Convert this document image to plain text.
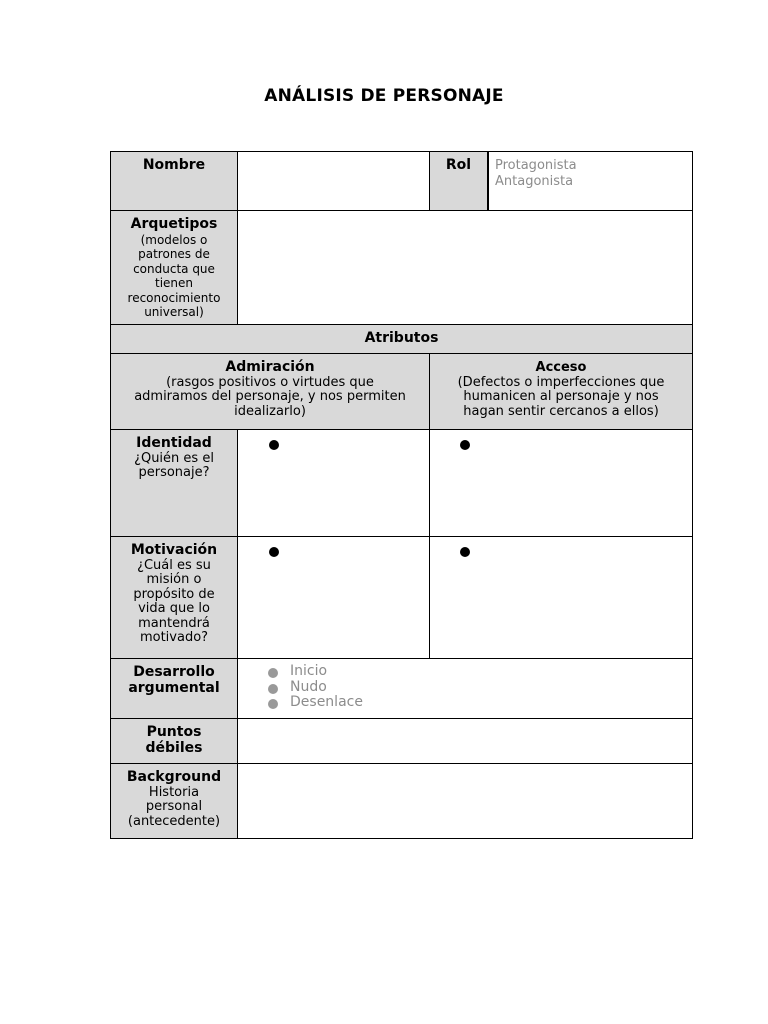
ANÁLISIS DE PERSONAJE
Nombre	Rol	Protagonista
Antagonista
Arquetipos
(modelos o
patrones de
conducta que
tienen
reconocimiento
universal)
Atributos
Admiración
(rasgos positivos o virtudes que
admiramos del personaje, y nos permiten
idealizarlo)
Acceso
(Defectos o imperfecciones que
humanicen al personaje y nos
hagan sentir cercanos a ellos)
Identidad
¿Quién es el
personaje?
Motivación
¿Cuál es su
misión o
propósito de
vida que lo
mantendrá
motivado?
Desarrollo
argumental
Inicio
Nudo
Desenlace
Puntos
débiles
Background
Historia
personal
(antecedente)
